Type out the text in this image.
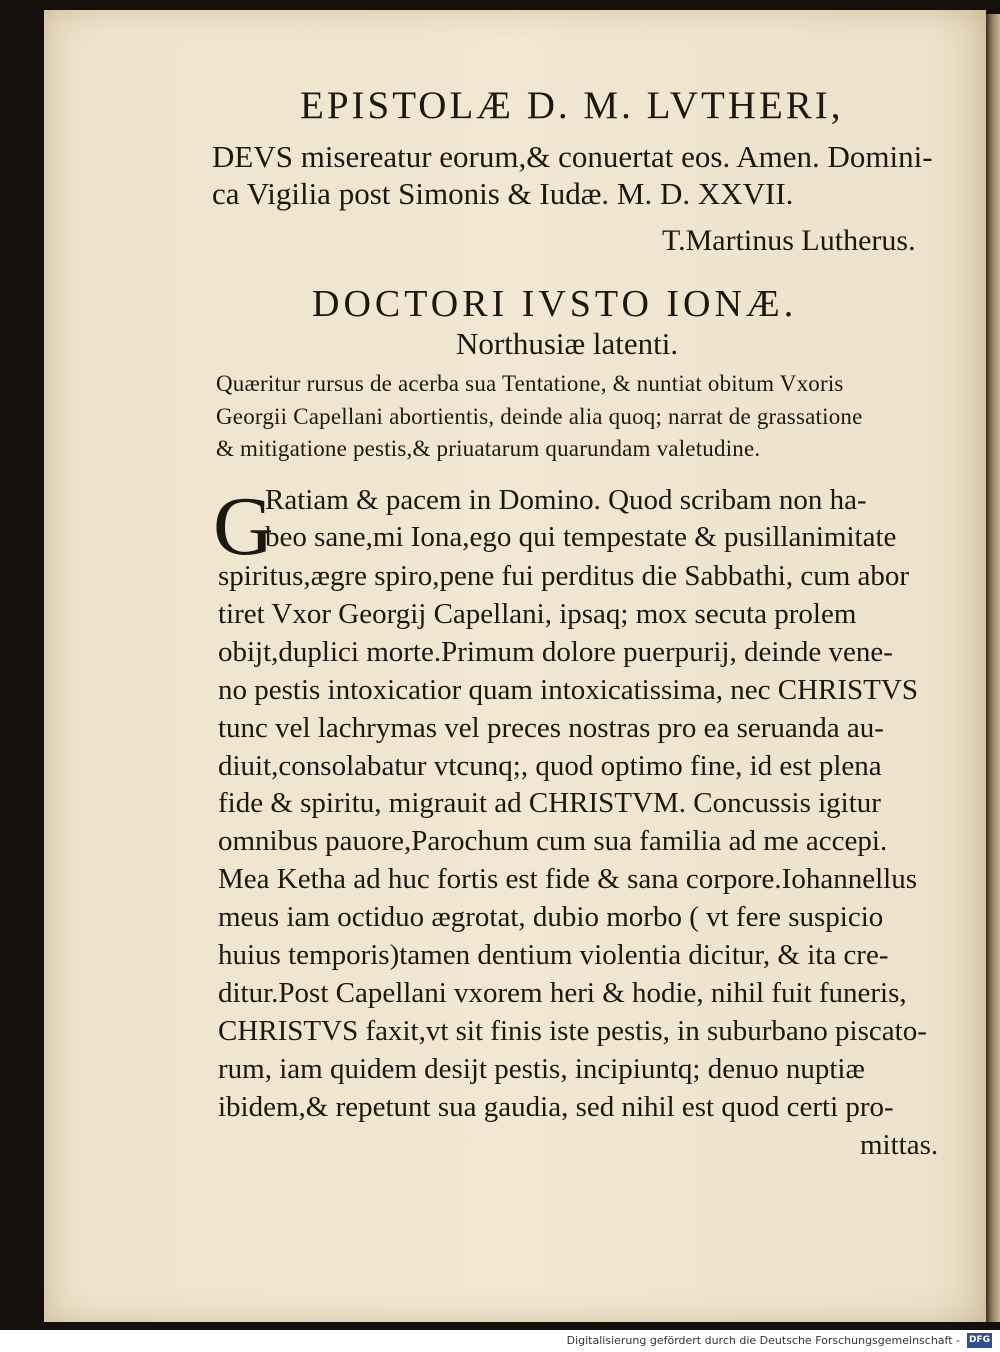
EPISTOLÆ D. M. LVTHERI,
DEVS misereatur eorum,& conuertat eos. Amen. Domini-
ca Vigilia post Simonis & Iudæ. M. D. XXVII.
T.Martinus Lutherus.
DOCTORI IVSTO IONÆ.
Northusiæ latenti.
Quæritur rursus de acerba sua Tentatione, & nuntiat obitum Vxoris
Georgii Capellani abortientis, deinde alia quoq; narrat de grassatione
& mitigatione pestis,& priuatarum quarundam valetudine.
G
Ratiam & pacem in Domino. Quod scribam non ha-
beo sane,mi Iona,ego qui tempestate & pusillanimitate
spiritus,ægre spiro,pene fui perditus die Sabbathi, cum abor
tiret Vxor Georgij Capellani, ipsaq; mox secuta prolem
obijt,duplici morte.Primum dolore puerpurij, deinde vene-
no pestis intoxicatior quam intoxicatissima, nec CHRISTVS
tunc vel lachrymas vel preces nostras pro ea seruanda au-
diuit,consolabatur vtcunq;, quod optimo fine, id est plena
fide & spiritu, migrauit ad CHRISTVM. Concussis igitur
omnibus pauore,Parochum cum sua familia ad me accepi.
Mea Ketha ad huc fortis est fide & sana corpore.Iohannellus
meus iam octiduo ægrotat, dubio morbo ( vt fere suspicio
huius temporis)tamen dentium violentia dicitur, & ita cre-
ditur.Post Capellani vxorem heri & hodie, nihil fuit funeris,
CHRISTVS faxit,vt sit finis iste pestis, in suburbano piscato-
rum, iam quidem desijt pestis, incipiuntq; denuo nuptiæ
ibidem,& repetunt sua gaudia, sed nihil est quod certi pro-
mittas.
Digitalisierung gefördert durch die Deutsche Forschungsgemeinschaft - DFG
